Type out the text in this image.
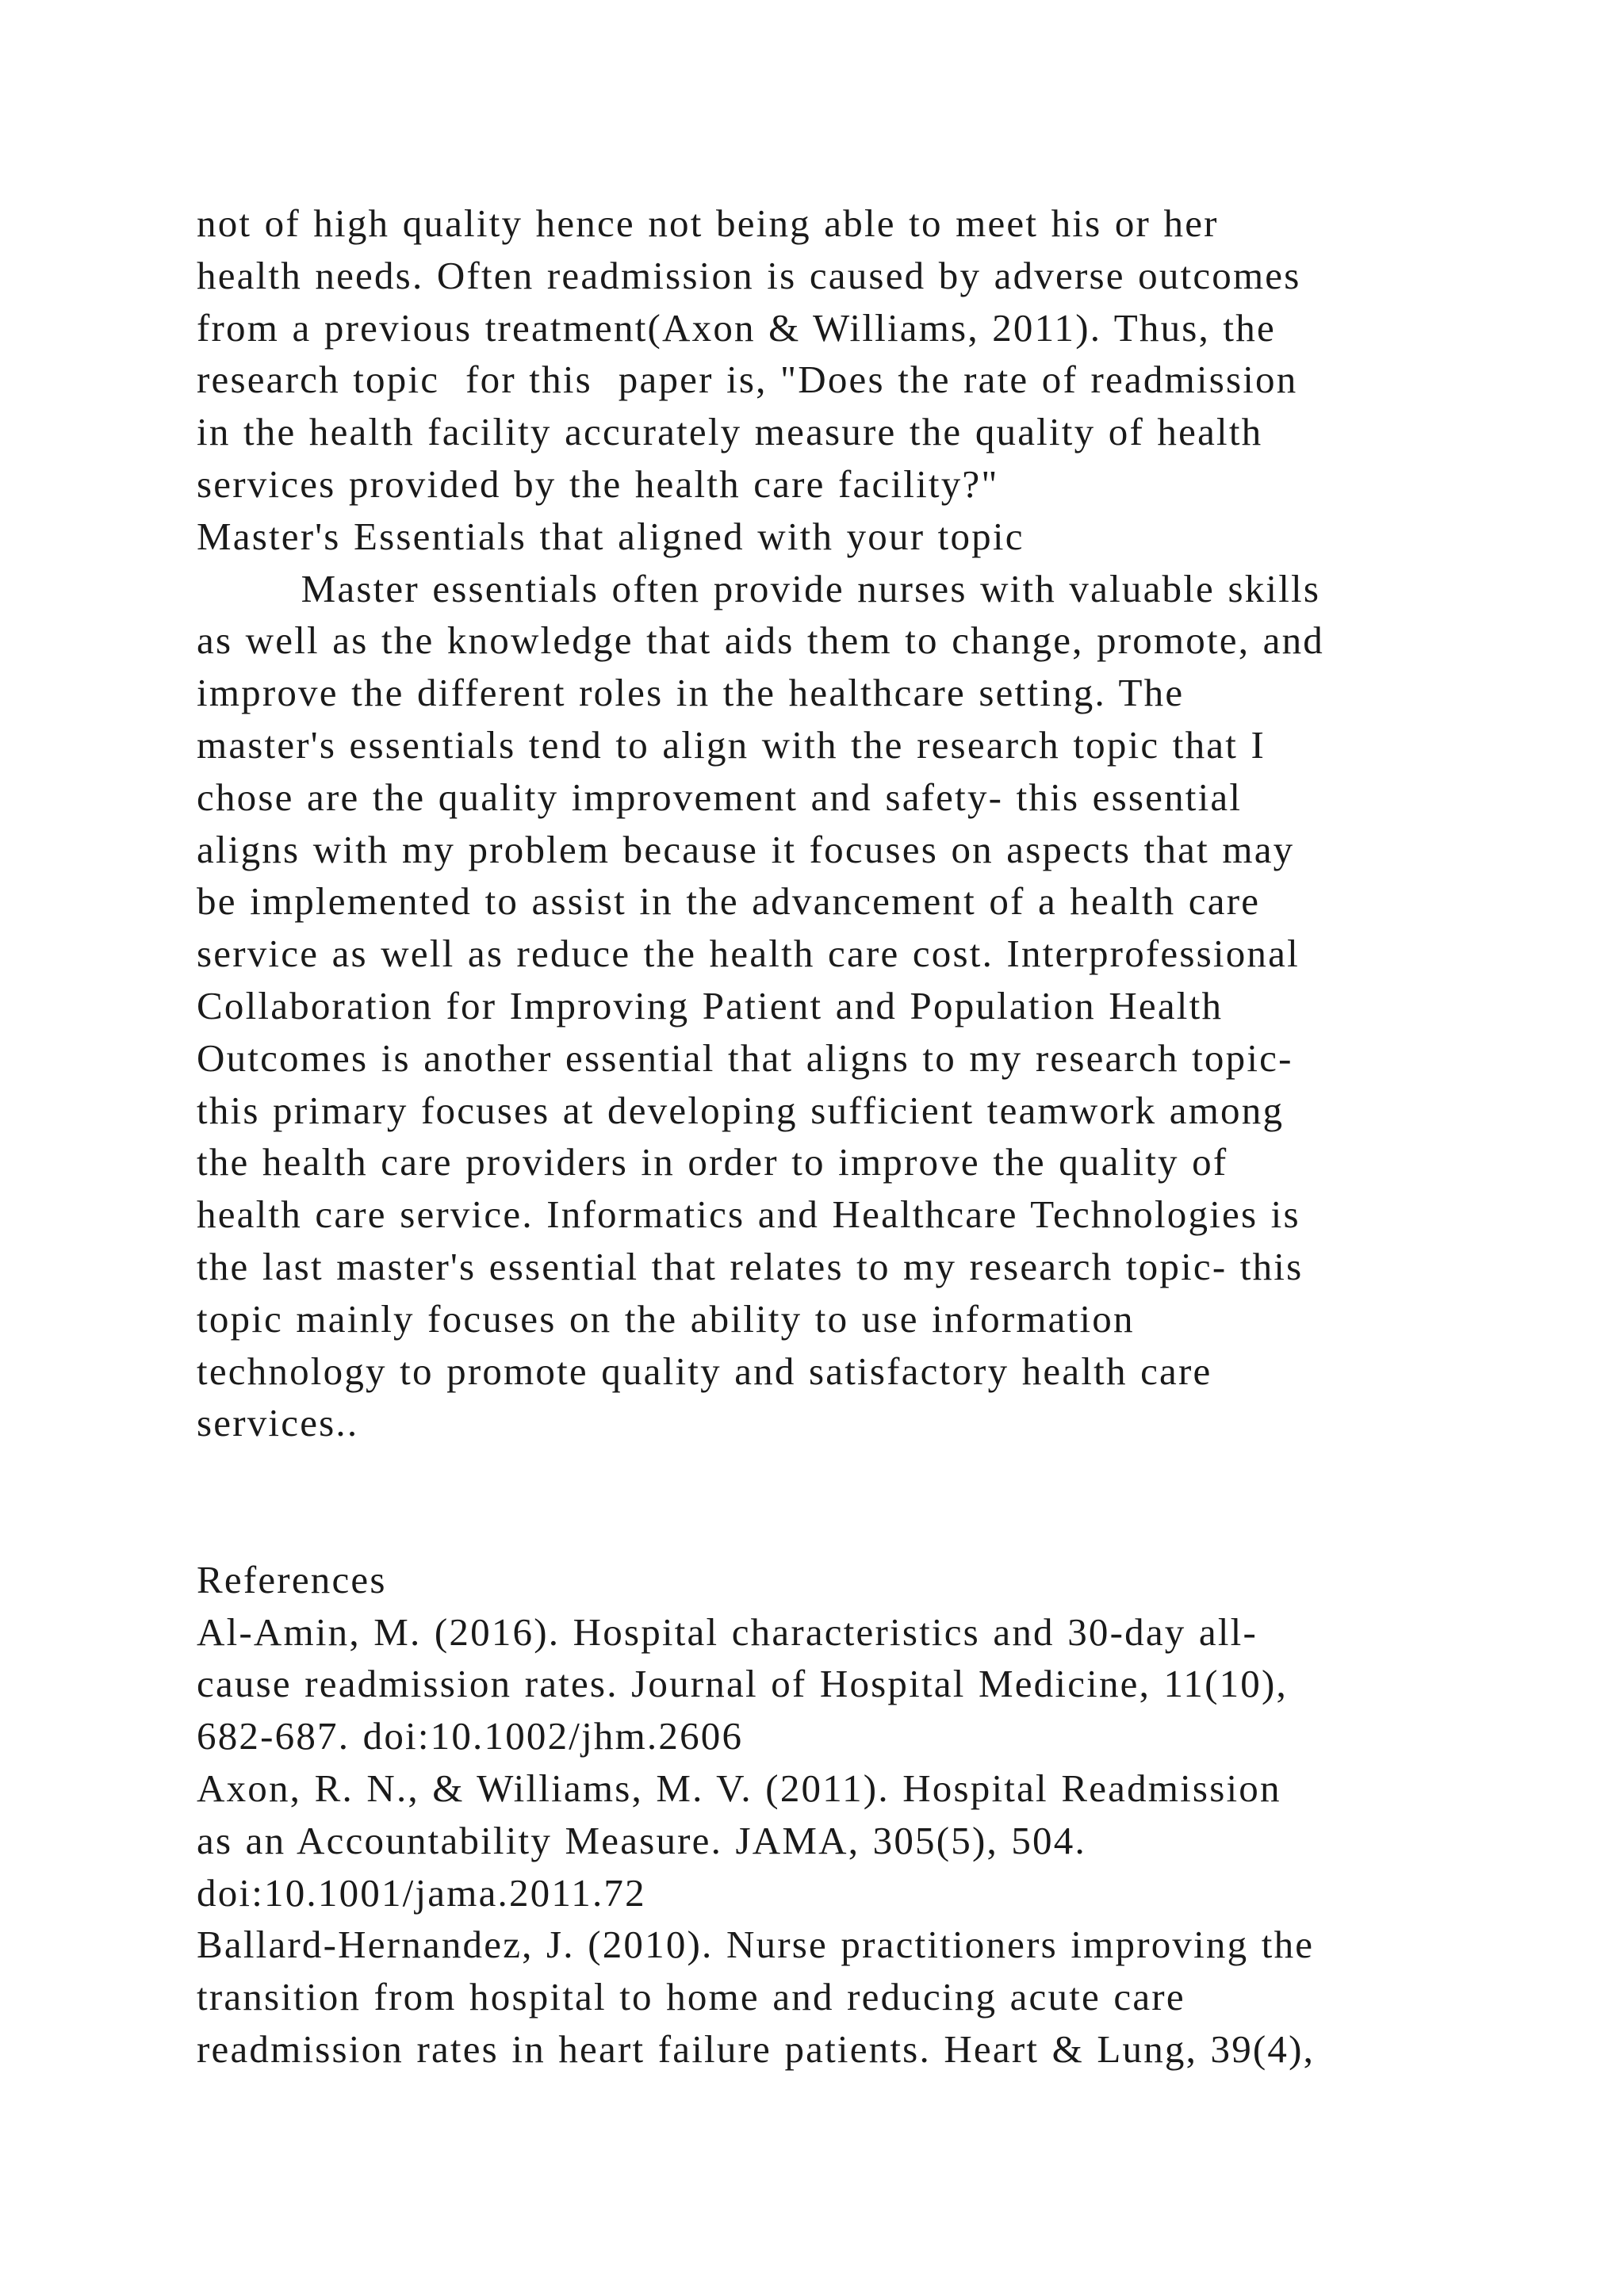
not of high quality hence not being able to meet his or her
health needs. Often readmission is caused by adverse outcomes
from a previous treatment(Axon & Williams, 2011). Thus, the
research topic  for this  paper is, "Does the rate of readmission
in the health facility accurately measure the quality of health
services provided by the health care facility?"
Master's Essentials that aligned with your topic
Master essentials often provide nurses with valuable skills
as well as the knowledge that aids them to change, promote, and
improve the different roles in the healthcare setting. The
master's essentials tend to align with the research topic that I
chose are the quality improvement and safety- this essential
aligns with my problem because it focuses on aspects that may
be implemented to assist in the advancement of a health care
service as well as reduce the health care cost. Interprofessional
Collaboration for Improving Patient and Population Health
Outcomes is another essential that aligns to my research topic-
this primary focuses at developing sufficient teamwork among
the health care providers in order to improve the quality of
health care service. Informatics and Healthcare Technologies is
the last master's essential that relates to my research topic- this
topic mainly focuses on the ability to use information
technology to promote quality and satisfactory health care
services..
References
Al-Amin, M. (2016). Hospital characteristics and 30-day all-
cause readmission rates. Journal of Hospital Medicine, 11(10),
682-687. doi:10.1002/jhm.2606
Axon, R. N., & Williams, M. V. (2011). Hospital Readmission
as an Accountability Measure. JAMA, 305(5), 504.
doi:10.1001/jama.2011.72
Ballard-Hernandez, J. (2010). Nurse practitioners improving the
transition from hospital to home and reducing acute care
readmission rates in heart failure patients. Heart & Lung, 39(4),
